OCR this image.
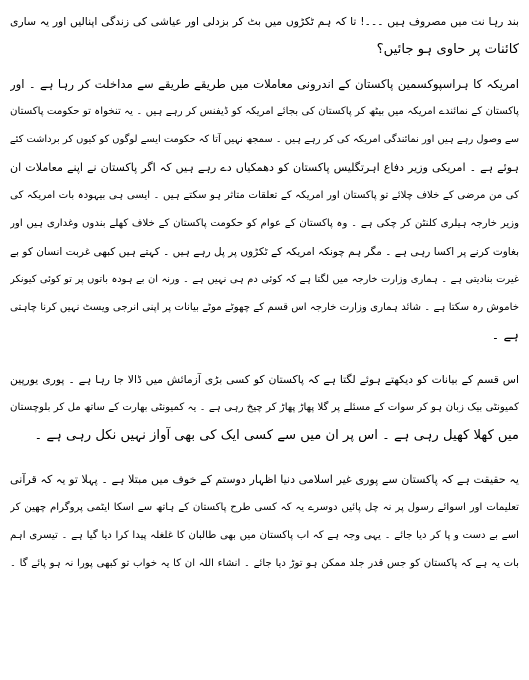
بند رہا نت میں مصروف ہیں ۔۔۔! تا کہ ہم ٹکڑوں میں بٹ کر بزدلی اور عیاشی کی زندگی اپنالیں اور یہ ساری
کائنات پر حاوی ہو جائیں؟

امریکہ کا ہراسپوکسمین پاکستان کے اندرونی معاملات میں طریقے طریقے سے مداخلت کر رہا ہے ۔ اور
پاکستان کے نمائندے امریکہ میں بیٹھ کر پاکستان کی بجائے امریکہ کو ڈیفنس کر رہے ہیں ۔ یہ تنخواہ تو حکومت پاکستان
سے وصول رہے ہیں اور نمائندگی امریکہ کی کر رہے ہیں ۔ سمجھ نہیں آتا کہ حکومت ایسے لوگوں کو کیوں کر برداشت کئے
ہوئے ہے ۔ امریکی وزیر دفاع اہرتگلیس پاکستان کو دھمکیاں دے رہے ہیں کہ اگر پاکستان نے اپنے معاملات ان
کی من مرضی کے خلاف چلائے تو پاکستان اور امریکہ کے تعلقات متاثر ہو سکتے ہیں ۔ ایسی ہی بیہودہ بات امریکہ کی
وزیر خارجہ ہیلری کلنٹن کر چکی ہے ۔ وہ پاکستان کے عوام کو حکومت پاکستان کے خلاف کھلے بندوں وغداری ہیں اور
بغاوت کرنے پر اکسا رہی ہے ۔ مگر ہم چونکہ امریکہ کے ٹکڑوں پر پل رہے ہیں ۔ کہتے ہیں کبھی غربت انسان کو بے
غیرت بنادیتی ہے ۔ ہماری وزارت خارجہ میں لگتا ہے کہ کوئی دم ہی نہیں ہے ۔ ورنہ ان بے ہودہ باتوں پر تو کوئی کیونکر
خاموش رہ سکتا ہے ۔ شائد ہماری وزارت خارجہ اس قسم کے چھوٹے موٹے بیانات پر اپنی انرجی ویسٹ نہیں کرنا چاہتی
ہے ۔

اس قسم کے بیانات کو دیکھتے ہوئے لگتا ہے کہ پاکستان کو کسی بڑی آزمائش میں ڈالا جا رہا ہے ۔ پوری یورپین
کمیونٹی بیک زبان ہو کر سوات کے مسئلے پر گلا پھاڑ پھاڑ کر چیخ رہی ہے ۔ یہ کمیونٹی بھارت کے ساتھ مل کر بلوچستان
میں کھلا کھیل رہی ہے ۔ اس پر ان میں سے کسی ایک کی بھی آواز نہیں نکل رہی ہے ۔

یہ حقیقت ہے کہ پاکستان سے پوری غیر اسلامی دنیا اظہار دوستم کے خوف میں مبتلا ہے ۔ پہلا تو یہ کہ قرآنی
تعلیمات اور اسوائے رسول پر نہ چل پائیں دوسرے یہ کہ کسی طرح پاکستان کے ہاتھ سے اسکا ایٹمی پروگرام چھین کر
اسے بے دست و پا کر دیا جائے ۔ یہی وجہ ہے کہ اب پاکستان میں بھی طالبان کا غلغلہ پیدا کرا دیا گیا ہے ۔ تیسری اہم
بات یہ ہے کہ پاکستان کو جس قدر جلد ممکن ہو توڑ دیا جائے ۔ انشاء اللہ ان کا یہ خواب تو کبھی پورا نہ ہو پائے گا ۔
